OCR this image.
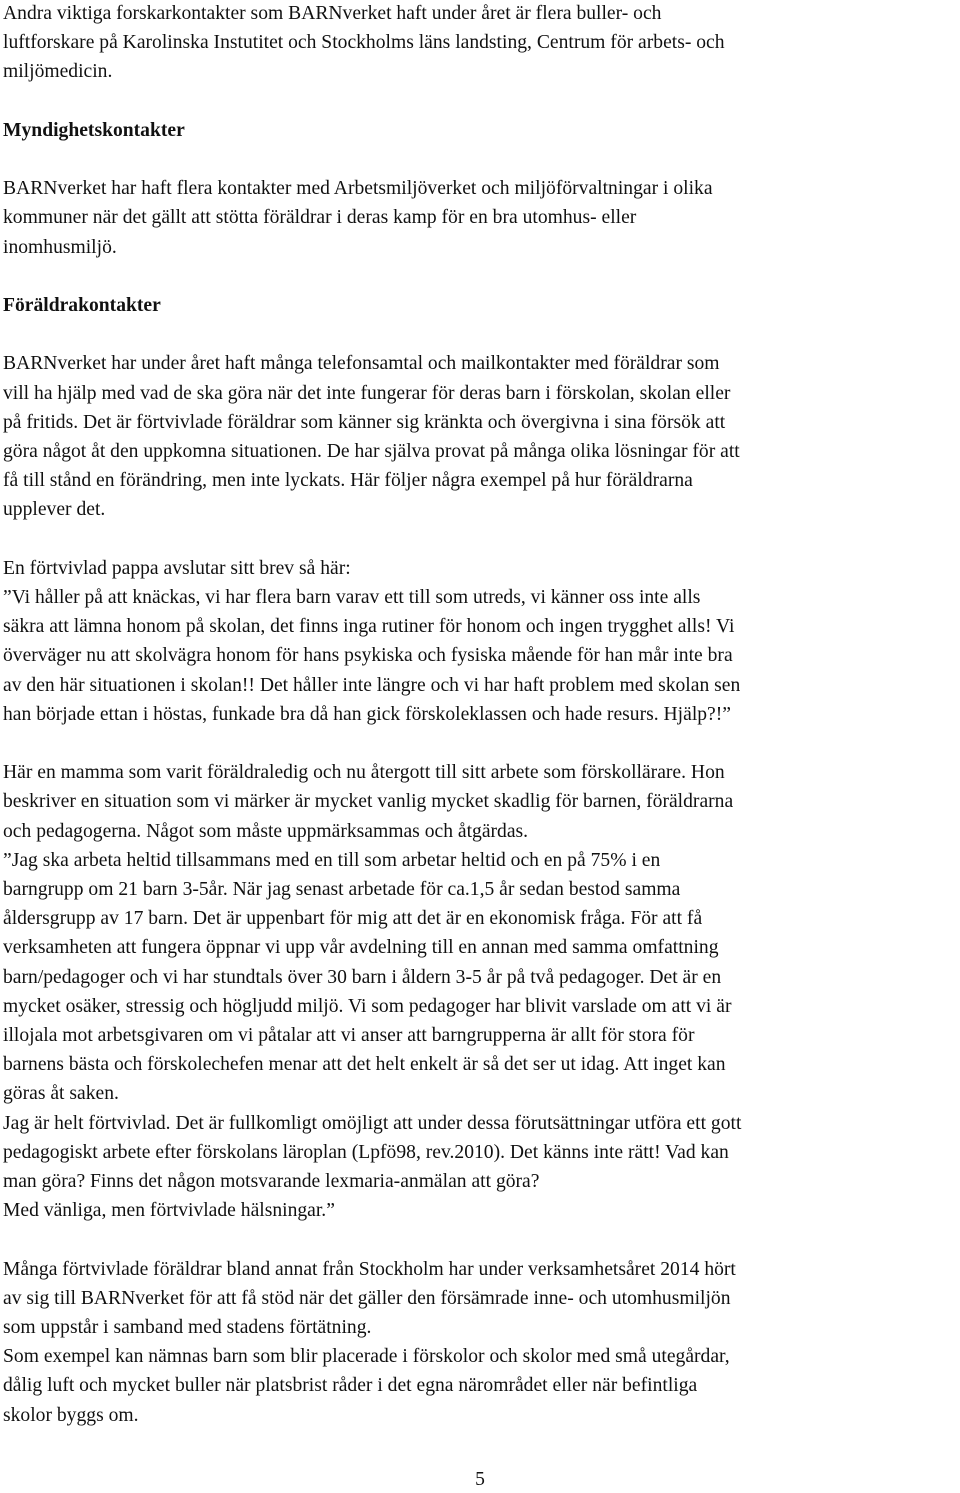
Andra viktiga forskarkontakter som BARNverket haft under året är flera buller- och
luftforskare på Karolinska Instutitet och Stockholms läns landsting, Centrum för arbets- och
miljömedicin.

Myndighetskontakter

BARNverket har haft flera kontakter med Arbetsmiljöverket och miljöförvaltningar i olika
kommuner när det gällt att stötta föräldrar i deras kamp för en bra utomhus- eller
inomhusmiljö.

Föräldrakontakter

BARNverket har under året haft många telefonsamtal och mailkontakter med föräldrar som
vill ha hjälp med vad de ska göra när det inte fungerar för deras barn i förskolan, skolan eller
på fritids. Det är förtvivlade föräldrar som känner sig kränkta och övergivna i sina försök att
göra något åt den uppkomna situationen. De har själva provat på många olika lösningar för att
få till stånd en förändring, men inte lyckats. Här följer några exempel på hur föräldrarna
upplever det.

En förtvivlad pappa avslutar sitt brev så här:

”Vi håller på att knäckas, vi har flera barn varav ett till som utreds, vi känner oss inte alls
säkra att lämna honom på skolan, det finns inga rutiner för honom och ingen trygghet alls! Vi
överväger nu att skolvägra honom för hans psykiska och fysiska mående för han mår inte bra
av den här situationen i skolan!! Det håller inte längre och vi har haft problem med skolan sen
han började ettan i höstas, funkade bra då han gick förskoleklassen och hade resurs. Hjälp?!”

Här en mamma som varit föräldraledig och nu återgott till sitt arbete som förskollärare. Hon
beskriver en situation som vi märker är mycket vanlig mycket skadlig för barnen, föräldrarna
och pedagogerna. Något som måste uppmärksammas och åtgärdas.

”Jag ska arbeta heltid tillsammans med en till som arbetar heltid och en på 75% i en
barngrupp om 21 barn 3-5år. När jag senast arbetade för ca.1,5 år sedan bestod samma
åldersgrupp av 17 barn. Det är uppenbart för mig att det är en ekonomisk fråga. För att få
verksamheten att fungera öppnar vi upp vår avdelning till en annan med samma omfattning
barn/pedagoger och vi har stundtals över 30 barn i åldern 3-5 år på två pedagoger. Det är en
mycket osäker, stressig och högljudd miljö. Vi som pedagoger har blivit varslade om att vi är
illojala mot arbetsgivaren om vi påtalar att vi anser att barngrupperna är allt för stora för
barnens bästa och förskolechefen menar att det helt enkelt är så det ser ut idag. Att inget kan
göras åt saken.

Jag är helt förtvivlad. Det är fullkomligt omöjligt att under dessa förutsättningar utföra ett gott
pedagogiskt arbete efter förskolans läroplan (Lpfö98, rev.2010). Det känns inte rätt! Vad kan
man göra? Finns det någon motsvarande lexmaria-anmälan att göra?

Med vänliga, men förtvivlade hälsningar.”

Många förtvivlade föräldrar bland annat från Stockholm har under verksamhetsåret 2014 hört
av sig till BARNverket för att få stöd när det gäller den försämrade inne- och utomhusmiljön
som uppstår i samband med stadens förtätning.

Som exempel kan nämnas barn som blir placerade i förskolor och skolor med små utegårdar,
dålig luft och mycket buller när platsbrist råder i det egna närområdet eller när befintliga
skolor byggs om.

5
